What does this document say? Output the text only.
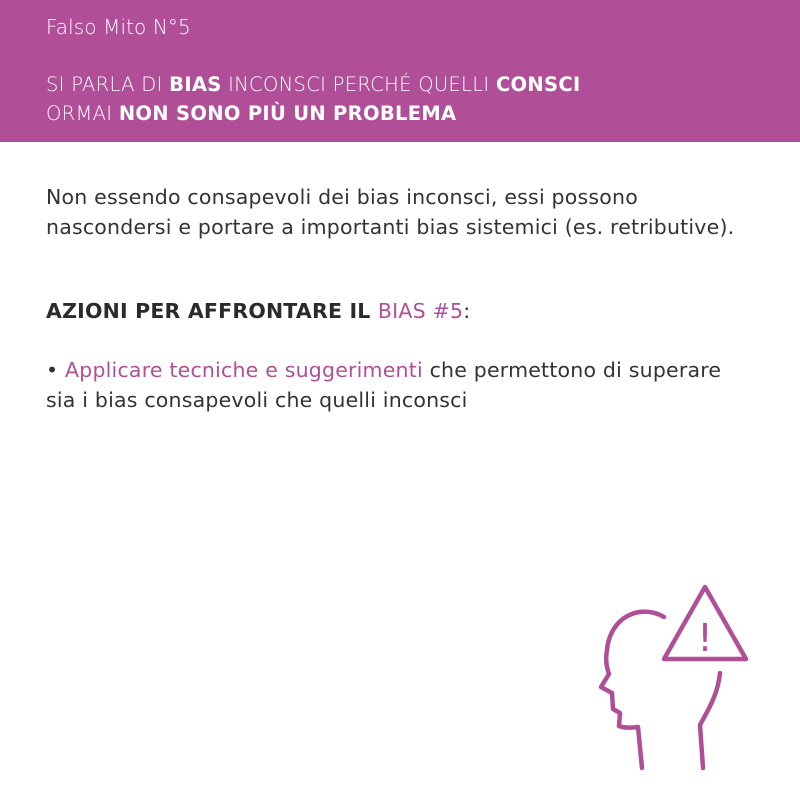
Falso Mito N°5
SI PARLA DI BIAS INCONSCI PERCHÉ QUELLI CONSCI
ORMAI NON SONO PIÙ UN PROBLEMA
Non essendo consapevoli dei bias inconsci, essi possono nascondersi e portare a importanti bias sistemici (es. retributive).
AZIONI PER AFFRONTARE IL BIAS #5:
• Applicare tecniche e suggerimenti che permettono di superare sia i bias consapevoli che quelli inconsci
!
